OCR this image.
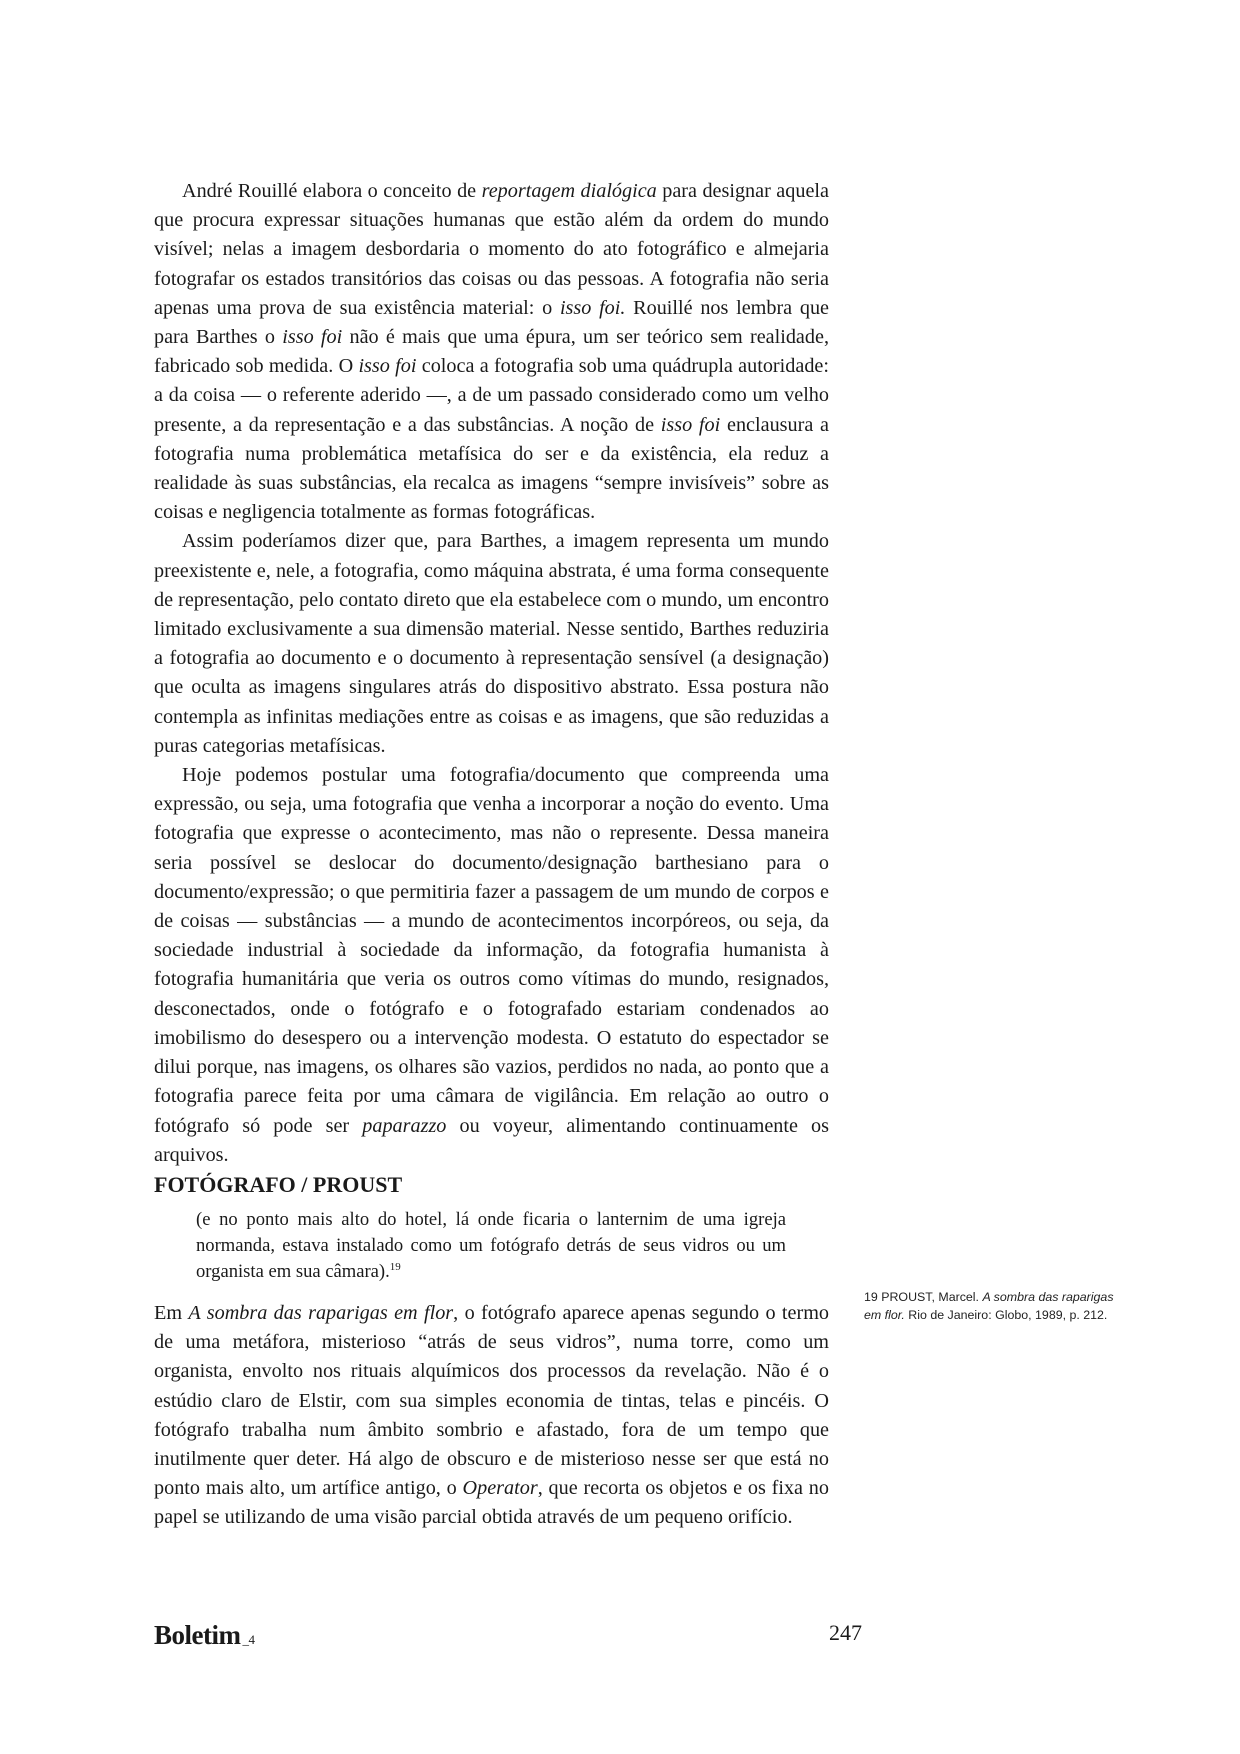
André Rouillé elabora o conceito de reportagem dialógica para designar aquela que procura expressar situações humanas que estão além da ordem do mundo visível; nelas a imagem desbordaria o momento do ato fotográfico e almejaria fotografar os estados transitórios das coisas ou das pessoas. A fotografia não seria apenas uma prova de sua existência material: o isso foi. Rouillé nos lembra que para Barthes o isso foi não é mais que uma épura, um ser teórico sem realidade, fabricado sob medida. O isso foi coloca a fotografia sob uma quádrupla autoridade: a da coisa — o referente aderido —, a de um passado considerado como um velho presente, a da representação e a das substâncias. A noção de isso foi enclausura a fotografia numa problemática metafísica do ser e da existência, ela reduz a realidade às suas substâncias, ela recalca as imagens “sempre invisíveis” sobre as coisas e negligencia totalmente as formas fotográficas.

Assim poderíamos dizer que, para Barthes, a imagem representa um mundo preexistente e, nele, a fotografia, como máquina abstrata, é uma forma consequente de representação, pelo contato direto que ela estabelece com o mundo, um encontro limitado exclusivamente a sua dimensão material. Nesse sentido, Barthes reduziria a fotografia ao documento e o documento à representação sensível (a designação) que oculta as imagens singulares atrás do dispositivo abstrato. Essa postura não contempla as infinitas mediações entre as coisas e as imagens, que são reduzidas a puras categorias metafísicas.

Hoje podemos postular uma fotografia/documento que compreenda uma expressão, ou seja, uma fotografia que venha a incorporar a noção do evento. Uma fotografia que expresse o acontecimento, mas não o represente. Dessa maneira seria possível se deslocar do documento/designação barthesiano para o documento/expressão; o que permitiria fazer a passagem de um mundo de corpos e de coisas — substâncias — a mundo de acontecimentos incorpóreos, ou seja, da sociedade industrial à sociedade da informação, da fotografia humanista à fotografia humanitária que veria os outros como vítimas do mundo, resignados, desconectados, onde o fotógrafo e o fotografado estariam condenados ao imobilismo do desespero ou a intervenção modesta. O estatuto do espectador se dilui porque, nas imagens, os olhares são vazios, perdidos no nada, ao ponto que a fotografia parece feita por uma câmara de vigilância. Em relação ao outro o fotógrafo só pode ser paparazzo ou voyeur, alimentando continuamente os arquivos.

FOTÓGRAFO / PROUST
(e no ponto mais alto do hotel, lá onde ficaria o lanternim de uma igreja normanda, estava instalado como um fotógrafo detrás de seus vidros ou um organista em sua câmara).$^{19}$

Em A sombra das raparigas em flor, o fotógrafo aparece apenas segundo o termo de uma metáfora, misterioso “atrás de seus vidros”, numa torre, como um organista, envolto nos rituais alquímicos dos processos da revelação. Não é o estúdio claro de Elstir, com sua simples economia de tintas, telas e pincéis. O fotógrafo trabalha num âmbito sombrio e afastado, fora de um tempo que inutilmente quer deter. Há algo de obscuro e de misterioso nesse ser que está no ponto mais alto, um artífice antigo, o Operator, que recorta os objetos e os fixa no papel se utilizando de uma visão parcial obtida através de um pequeno orifício.

19 PROUST, Marcel. A sombra das raparigas em flor. Rio de Janeiro: Globo, 1989, p. 212.
Boletim _4	247
